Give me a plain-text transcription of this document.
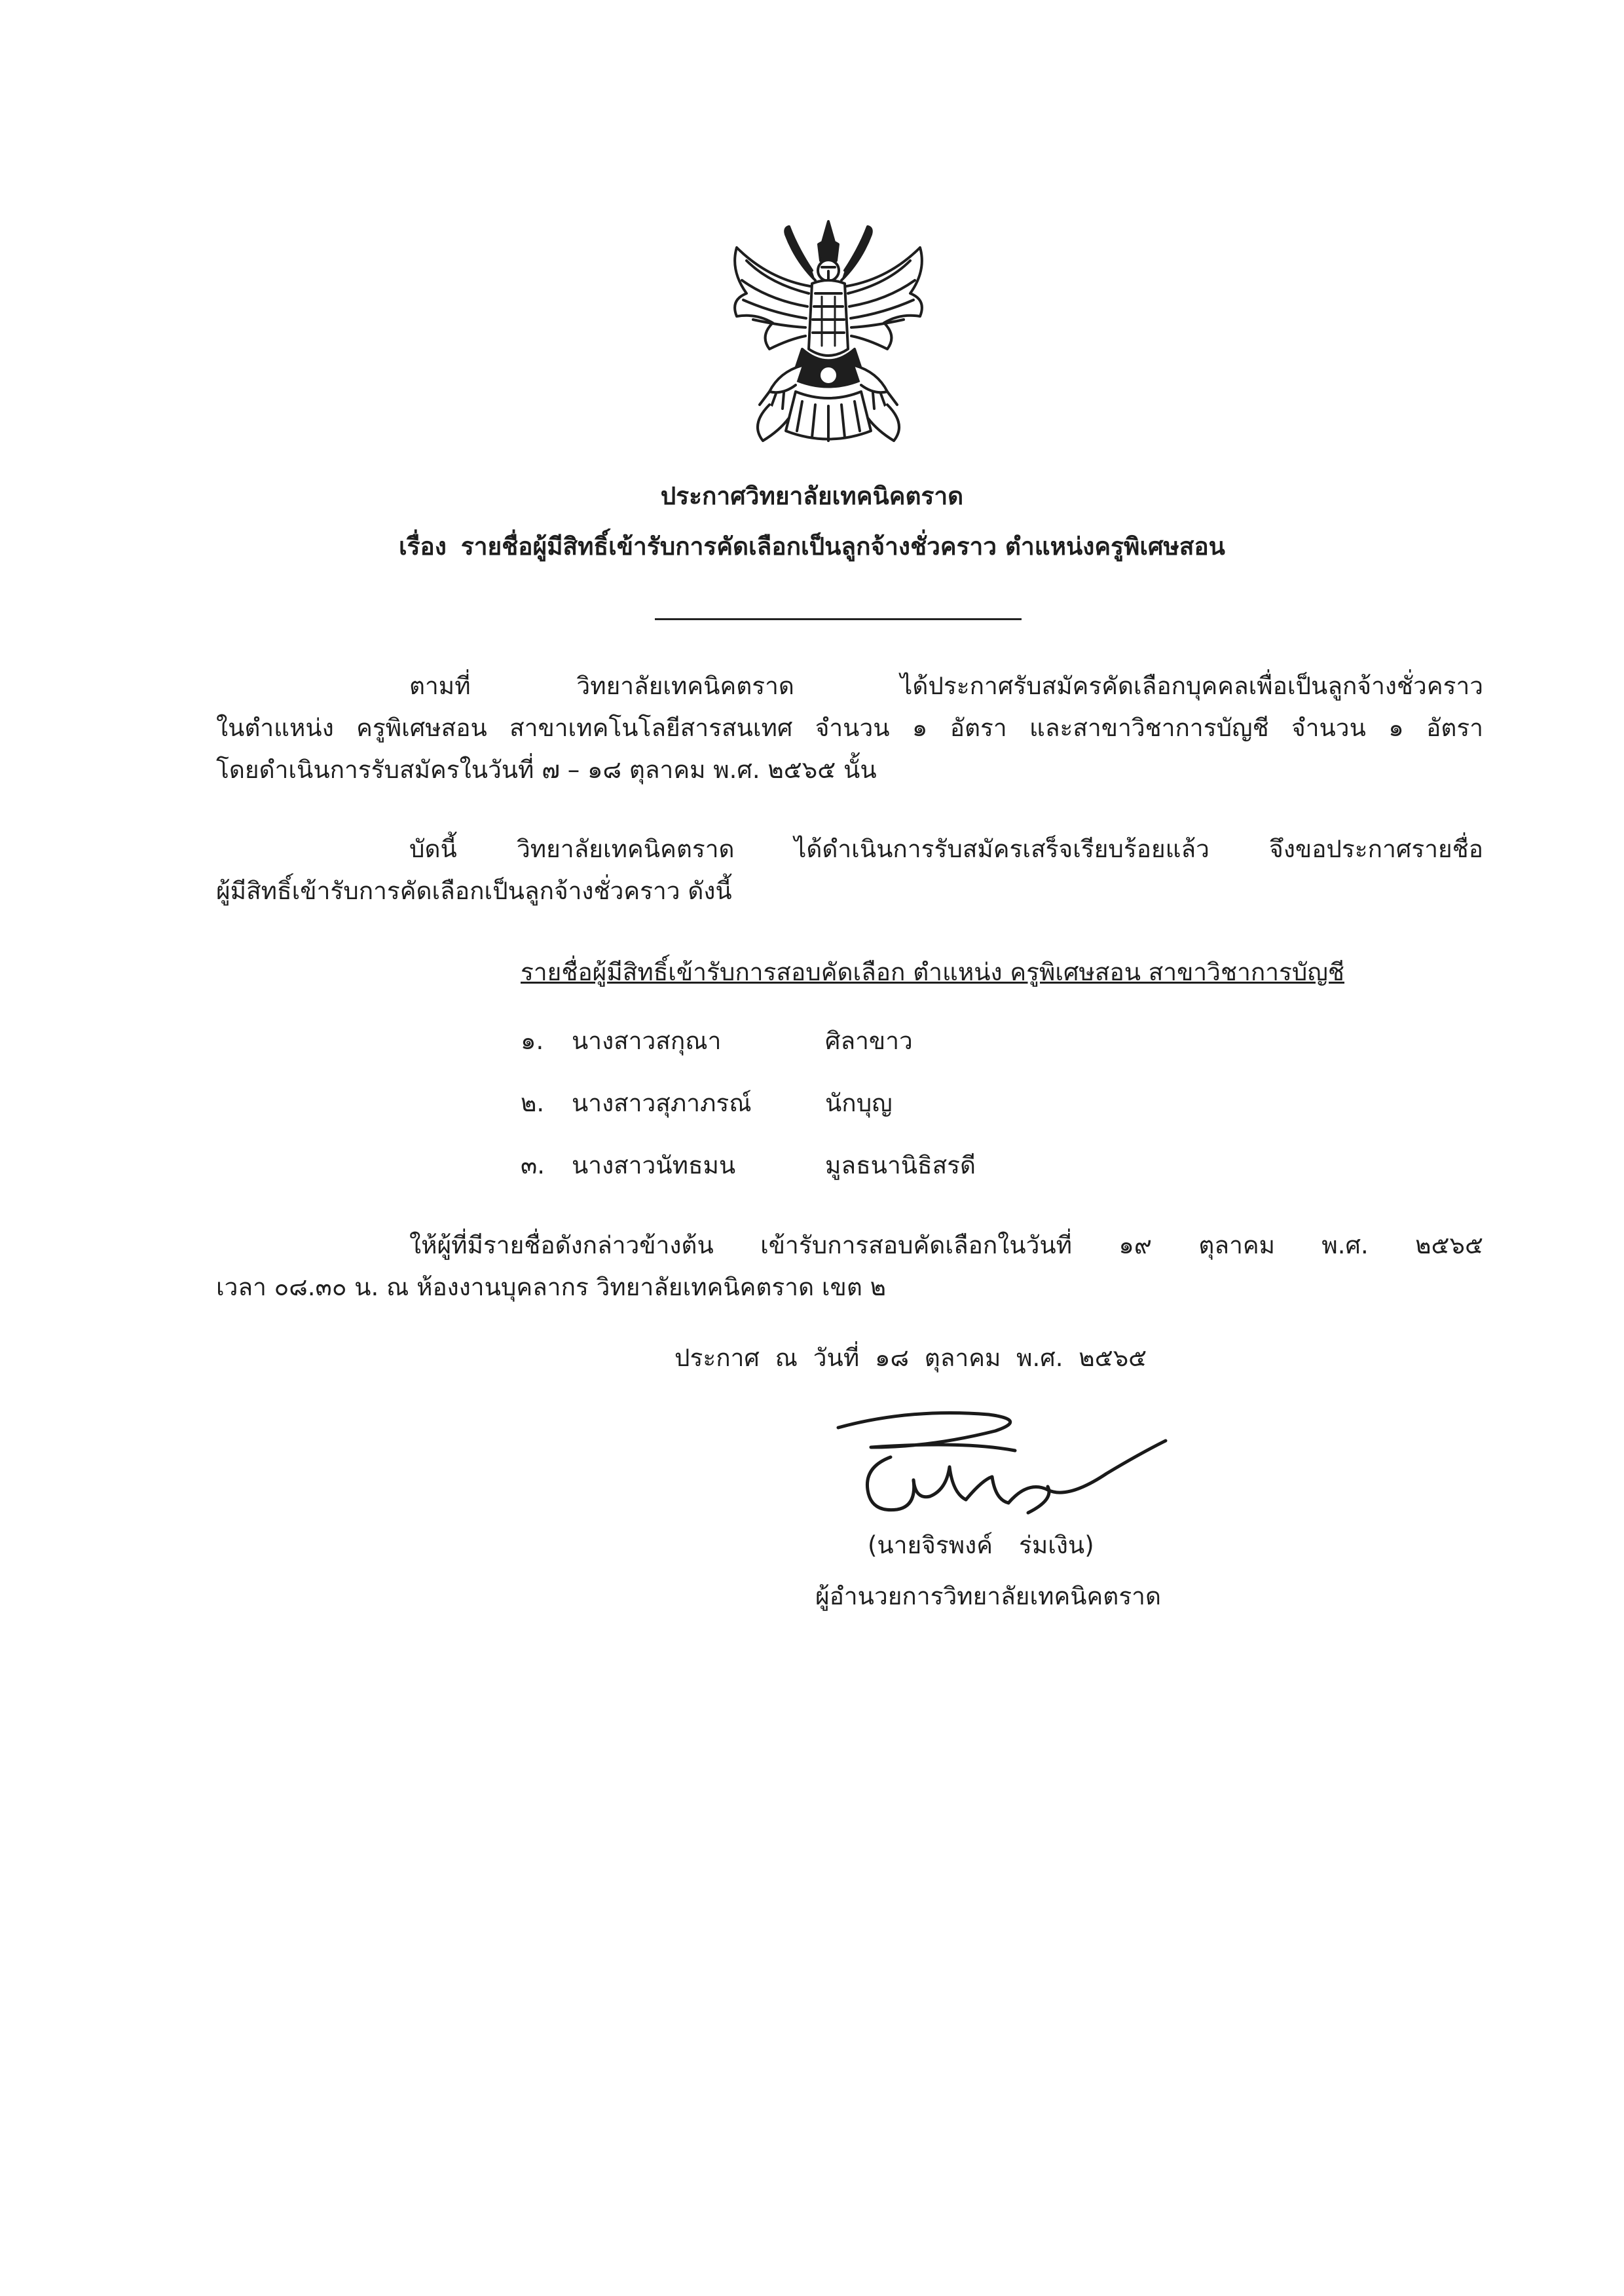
ประกาศวิทยาลัยเทคนิคตราด
เรื่อง รายชื่อผู้มีสิทธิ์เข้ารับการคัดเลือกเป็นลูกจ้างชั่วคราว ตำแหน่งครูพิเศษสอน
ตามที่ วิทยาลัยเทคนิคตราด ได้ประกาศรับสมัครคัดเลือกบุคคลเพื่อเป็นลูกจ้างชั่วคราว
ในตำแหน่ง ครูพิเศษสอน สาขาเทคโนโลยีสารสนเทศ จำนวน ๑ อัตรา และสาขาวิชาการบัญชี จำนวน ๑ อัตรา
โดยดำเนินการรับสมัครในวันที่ ๗ – ๑๘ ตุลาคม พ.ศ. ๒๕๖๕ นั้น
บัดนี้ วิทยาลัยเทคนิคตราด ได้ดำเนินการรับสมัครเสร็จเรียบร้อยแล้ว จึงขอประกาศรายชื่อ
ผู้มีสิทธิ์เข้ารับการคัดเลือกเป็นลูกจ้างชั่วคราว ดังนี้
รายชื่อผู้มีสิทธิ์เข้ารับการสอบคัดเลือก ตำแหน่ง ครูพิเศษสอน สาขาวิชาการบัญชี
๑.	นางสาวสกุณา	ศิลาขาว
๒.	นางสาวสุภาภรณ์	นักบุญ
๓.	นางสาวนัทธมน	มูลธนานิธิสรดี
ให้ผู้ที่มีรายชื่อดังกล่าวข้างต้น เข้ารับการสอบคัดเลือกในวันที่ ๑๙ ตุลาคม พ.ศ. ๒๕๖๕
เวลา ๐๘.๓๐ น. ณ ห้องงานบุคลากร วิทยาลัยเทคนิคตราด เขต ๒
ประกาศ ณ วันที่ ๑๘ ตุลาคม พ.ศ. ๒๕๖๕
(นายจิรพงค์ ร่มเงิน)
ผู้อำนวยการวิทยาลัยเทคนิคตราด
